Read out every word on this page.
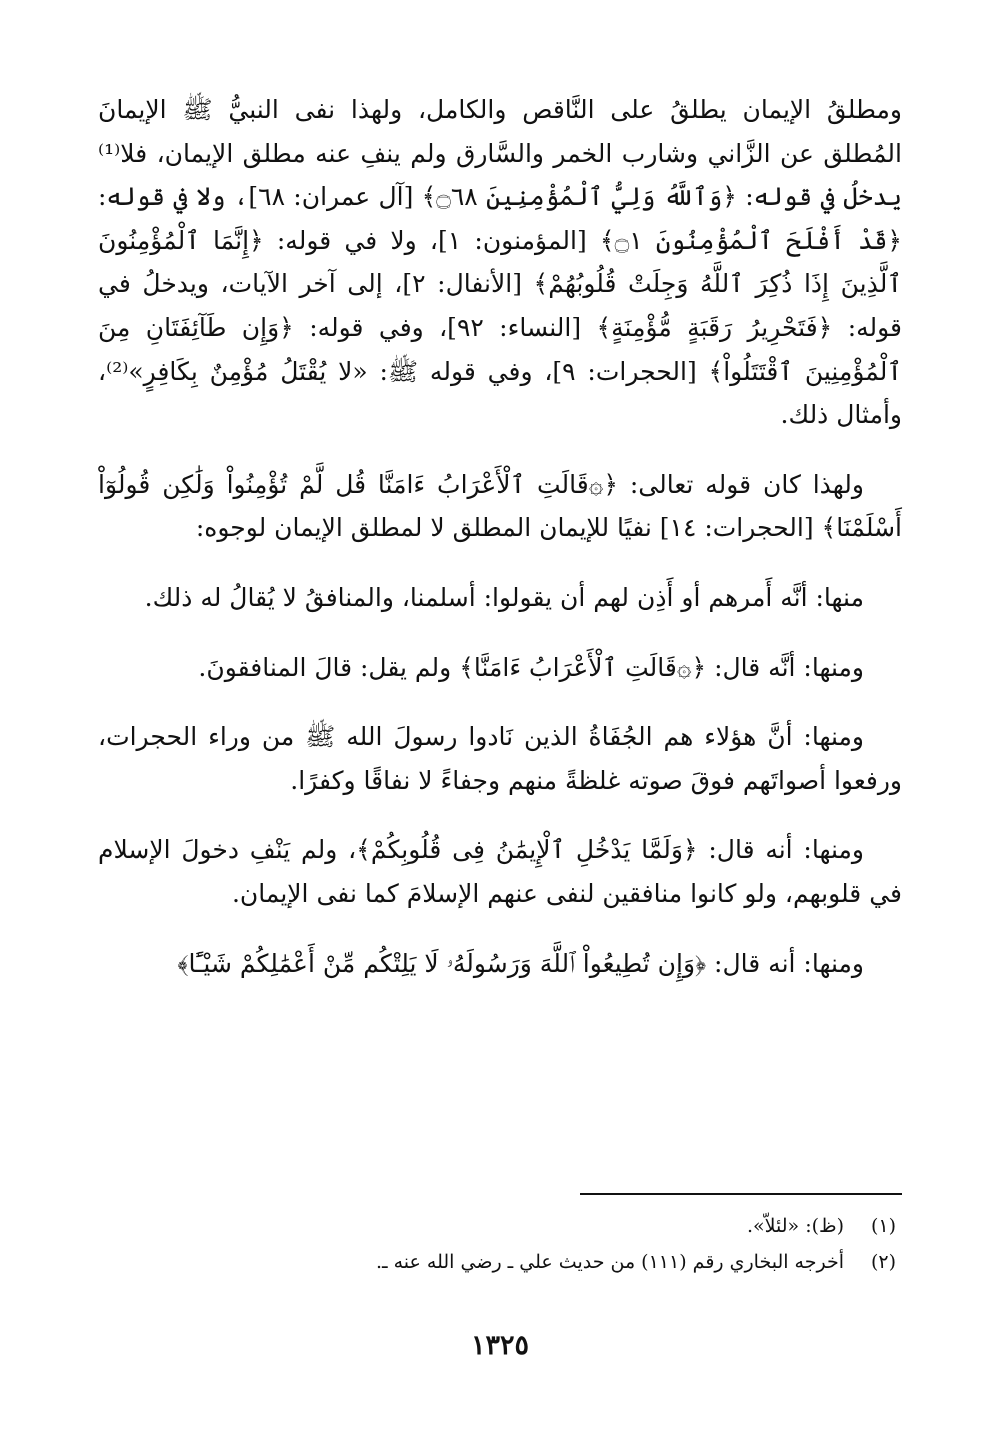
ومطلقُ الإيمان يطلقُ على النَّاقص والكامل، ولهذا نفى النبيُّ ﷺ الإيمانَ المُطلق عن الزَّاني وشارب الخمر والسَّارق ولم ينفِ عنه مطلق الإيمان، فلا⁽¹⁾ يدخلُ في قوله: ﴿وَٱللَّهُ وَلِيُّ ٱلْمُؤْمِنِينَ ۝٦٨﴾ [آل عمران: ٦٨]، ولا في قوله: ﴿قَدْ أَفْلَحَ ٱلْمُؤْمِنُونَ ۝١﴾ [المؤمنون: ١]، ولا في قوله: ﴿إِنَّمَا ٱلْمُؤْمِنُونَ ٱلَّذِينَ إِذَا ذُكِرَ ٱللَّهُ وَجِلَتْ قُلُوبُهُمْ﴾ [الأنفال: ٢]، إلى آخر الآيات، ويدخلُ في قوله: ﴿فَتَحْرِيرُ رَقَبَةٍ مُّؤْمِنَةٍ﴾ [النساء: ٩٢]، وفي قوله: ﴿وَإِن طَآئِفَتَانِ مِنَ ٱلْمُؤْمِنِينَ ٱقْتَتَلُواْ﴾ [الحجرات: ٩]، وفي قوله ﷺ: «لا يُقْتَلُ مُؤْمِنٌ بِكَافِرٍ»⁽²⁾، وأمثال ذلك.

ولهذا كان قوله تعالى: ﴿۞قَالَتِ ٱلْأَعْرَابُ ءَامَنَّا قُل لَّمْ تُؤْمِنُواْ وَلَٰكِن قُولُوٓاْ أَسْلَمْنَا﴾ [الحجرات: ١٤] نفيًا للإيمان المطلق لا لمطلق الإيمان لوجوه:

منها: أنَّه أَمرهم أو أَذِن لهم أن يقولوا: أسلمنا، والمنافقُ لا يُقالُ له ذلك.

ومنها: أنَّه قال: ﴿۞قَالَتِ ٱلْأَعْرَابُ ءَامَنَّا﴾ ولم يقل: قالَ المنافقونَ.

ومنها: أنَّ هؤلاء هم الجُفَاةُ الذين نَادوا رسولَ الله ﷺ من وراء الحجرات، ورفعوا أصواتَهم فوقَ صوته غلظةً منهم وجفاءً لا نفاقًا وكفرًا.

ومنها: أنه قال: ﴿وَلَمَّا يَدْخُلِ ٱلْإِيمَٰنُ فِى قُلُوبِكُمْ﴾، ولم يَنْفِ دخولَ الإسلام في قلوبهم، ولو كانوا منافقين لنفى عنهم الإسلامَ كما نفى الإيمان.

ومنها: أنه قال: ﴿وَإِن تُطِيعُواْ ٱللَّهَ وَرَسُولَهُۥ لَا يَلِتْكُم مِّنْ أَعْمَٰلِكُمْ شَيْـًٔا﴾

(١)(ظ): «لئلاّ».
(٢)أخرجه البخاري رقم (١١١) من حديث علي ـ رضي الله عنه ـ.
١٣٢٥
